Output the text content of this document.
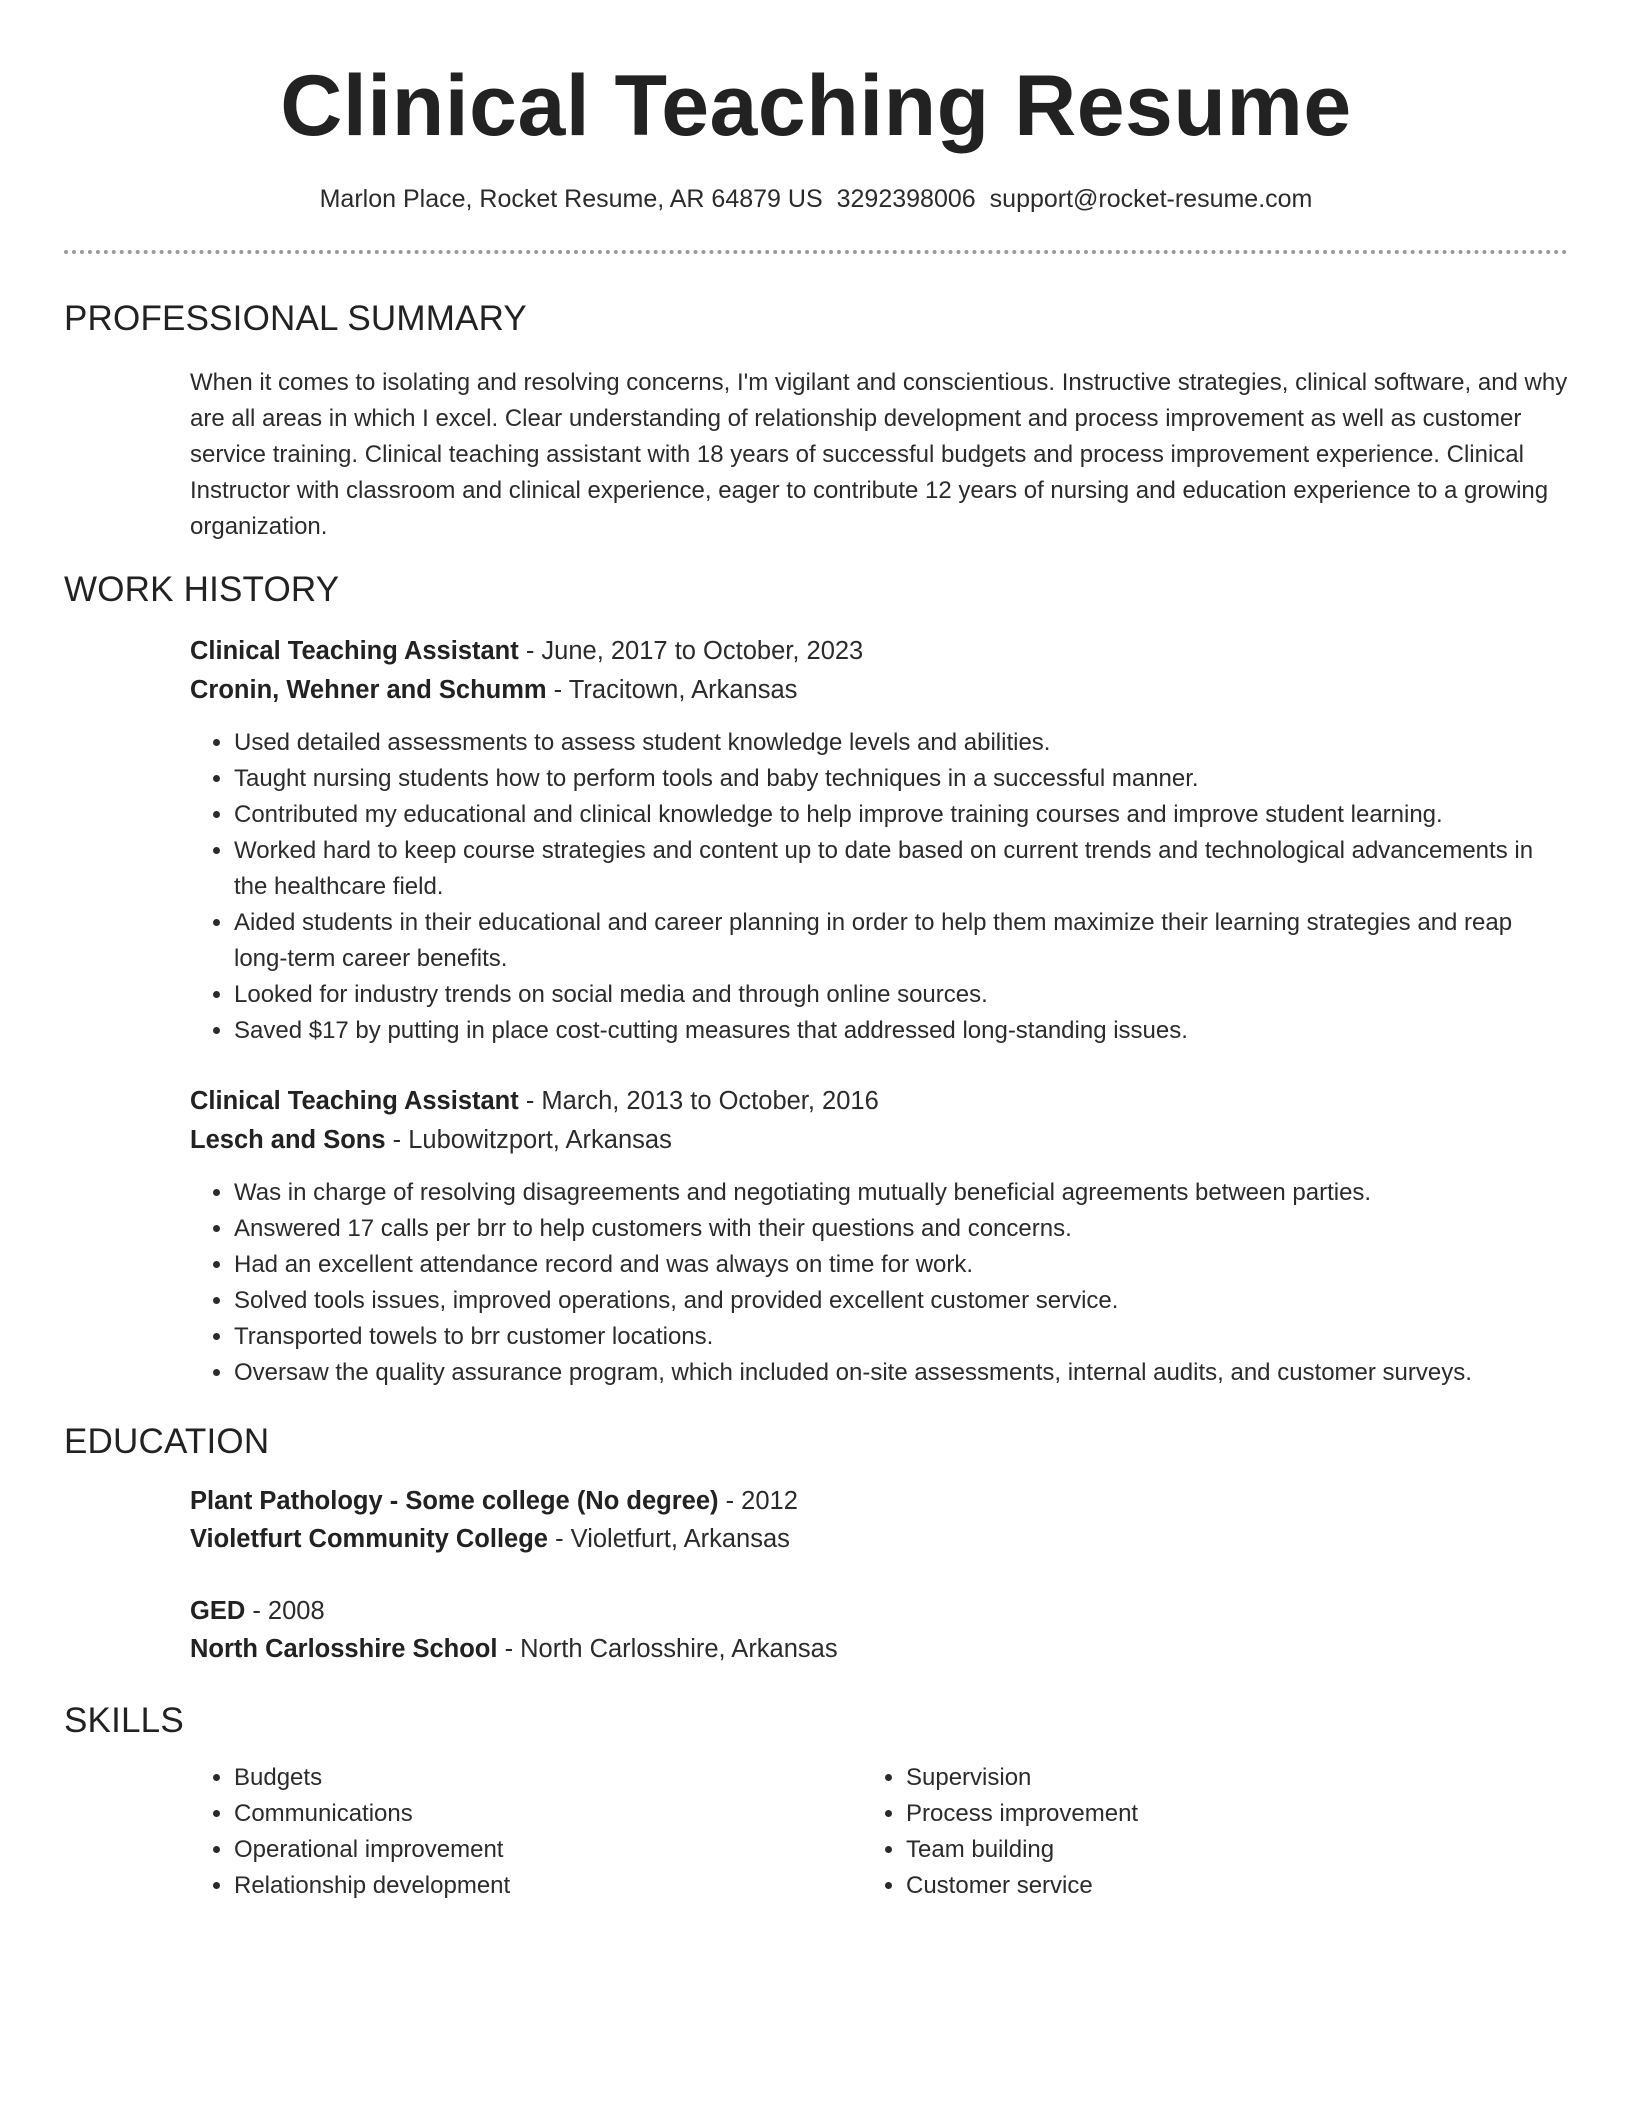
Clinical Teaching Resume
Marlon Place, Rocket Resume, AR 64879 US 3292398006 support@rocket-resume.com
PROFESSIONAL SUMMARY

When it comes to isolating and resolving concerns, I'm vigilant and conscientious. Instructive strategies, clinical software, and why are all areas in which I excel. Clear understanding of relationship development and process improvement as well as customer service training. Clinical teaching assistant with 18 years of successful budgets and process improvement experience. Clinical Instructor with classroom and clinical experience, eager to contribute 12 years of nursing and education experience to a growing organization.

WORK HISTORY
Clinical Teaching Assistant - June, 2017 to October, 2023
Cronin, Wehner and Schumm - Tracitown, Arkansas
• Used detailed assessments to assess student knowledge levels and abilities.
• Taught nursing students how to perform tools and baby techniques in a successful manner.
• Contributed my educational and clinical knowledge to help improve training courses and improve student learning.
• Worked hard to keep course strategies and content up to date based on current trends and technological advancements in the healthcare field.
• Aided students in their educational and career planning in order to help them maximize their learning strategies and reap long-term career benefits.
• Looked for industry trends on social media and through online sources.
• Saved $17 by putting in place cost-cutting measures that addressed long-standing issues.
Clinical Teaching Assistant - March, 2013 to October, 2016
Lesch and Sons - Lubowitzport, Arkansas
• Was in charge of resolving disagreements and negotiating mutually beneficial agreements between parties.
• Answered 17 calls per brr to help customers with their questions and concerns.
• Had an excellent attendance record and was always on time for work.
• Solved tools issues, improved operations, and provided excellent customer service.
• Transported towels to brr customer locations.
• Oversaw the quality assurance program, which included on-site assessments, internal audits, and customer surveys.
EDUCATION
Plant Pathology - Some college (No degree) - 2012
Violetfurt Community College - Violetfurt, Arkansas
GED - 2008
North Carlosshire School - North Carlosshire, Arkansas
SKILLS
• Budgets
• Communications
• Operational improvement
• Relationship development
• Supervision
• Process improvement
• Team building
• Customer service
